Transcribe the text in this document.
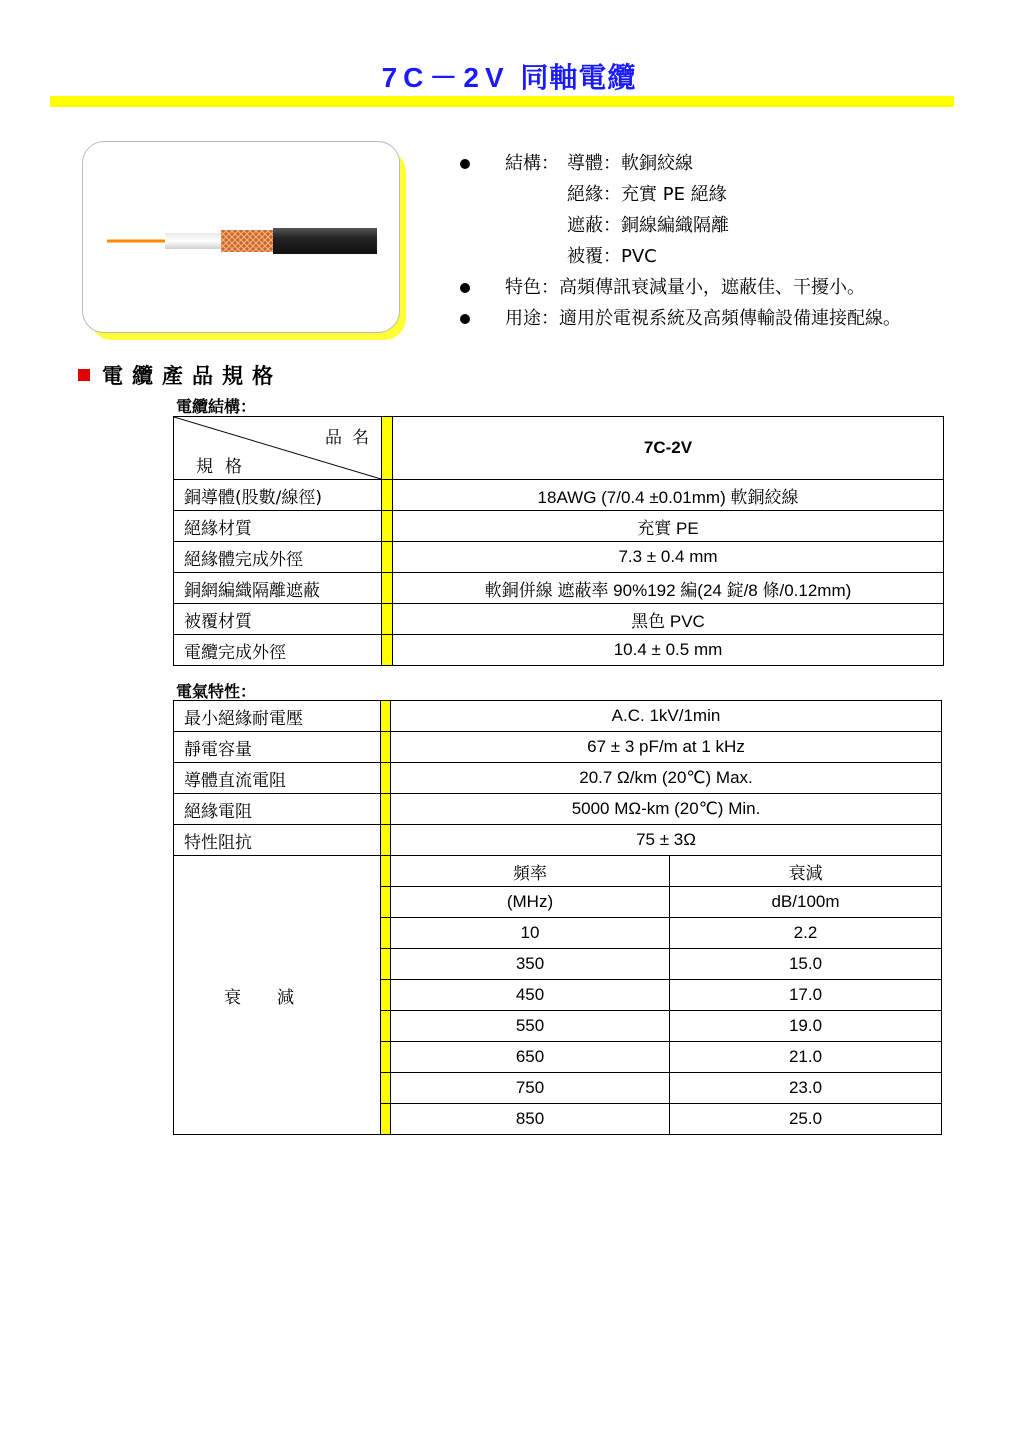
7C－2V 同軸電纜
結構： 導體：軟銅絞線
絕緣：充實 PE 絕緣
遮蔽：銅線編織隔離
被覆：PVC
特色：高頻傳訊衰減量小，遮蔽佳、干擾小。
用途：適用於電視系統及高頻傳輸設備連接配線。
電纜產品規格
電纜結構：
品名
規格		7C-2V
銅導體(股數/線徑)		18AWG (7/0.4 ±0.01mm) 軟銅絞線
絕緣材質		充實 PE
絕緣體完成外徑		7.3 ± 0.4 mm
銅網編織隔離遮蔽		軟銅併線 遮蔽率 90%192 編(24 錠/8 條/0.12mm)
被覆材質		黑色 PVC
電纜完成外徑		10.4 ± 0.5 mm
電氣特性：
最小絕緣耐電壓		A.C. 1kV/1min	
靜電容量		67 ± 3 pF/m at 1 kHz	
導體直流電阻		20.7 Ω/km (20℃) Max.	
絕緣電阻		5000 MΩ-km (20℃) Min.	
特性阻抗		75 ± 3Ω	
衰減		頻率	衰減
		(MHz)	dB/100m
		10	2.2
		350	15.0
		450	17.0
		550	19.0
		650	21.0
		750	23.0
		850	25.0
